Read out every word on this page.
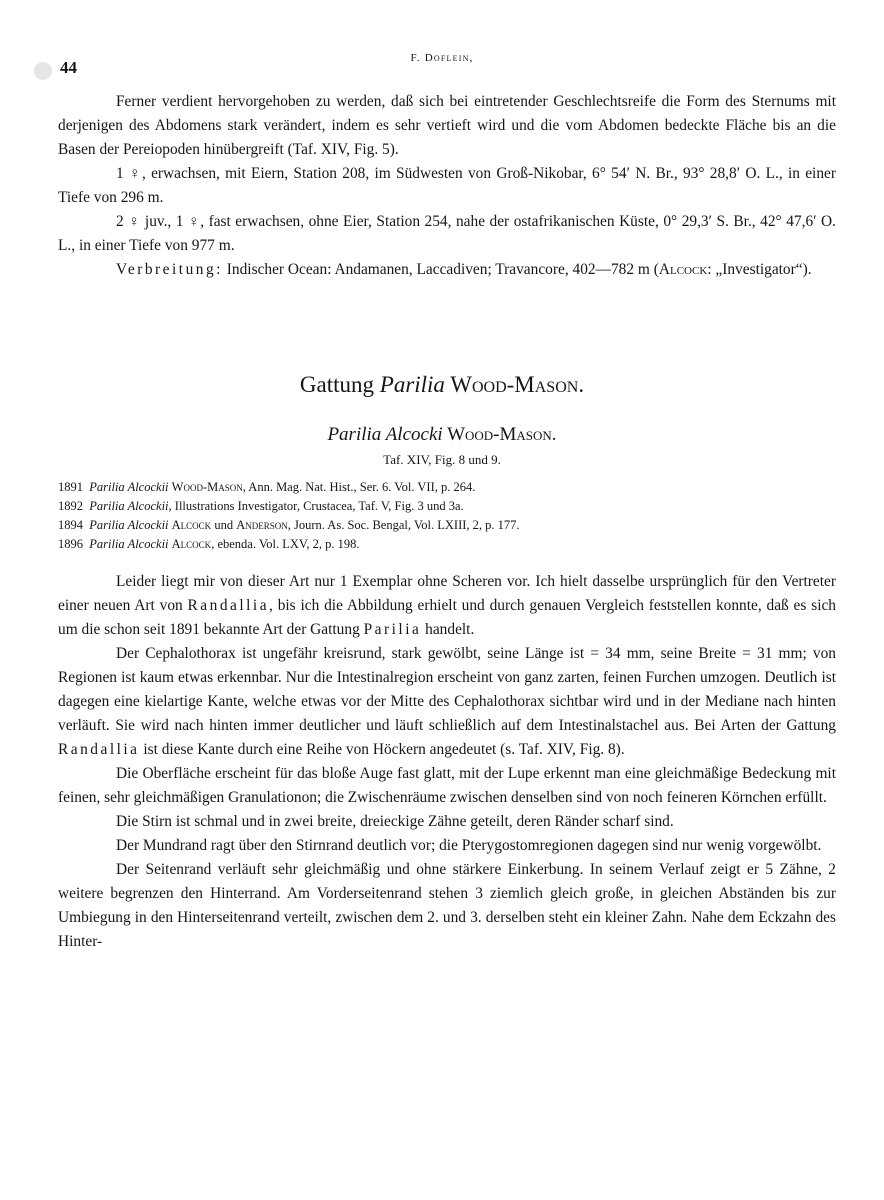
44	F. Doflein,

Ferner verdient hervorgehoben zu werden, daß sich bei eintretender Geschlechtsreife die Form des Sternums mit derjenigen des Abdomens stark verändert, indem es sehr vertieft wird und die vom Abdomen bedeckte Fläche bis an die Basen der Pereiopoden hinübergreift (Taf. XIV, Fig. 5).

1 ♀, erwachsen, mit Eiern, Station 208, im Südwesten von Groß-Nikobar, 6° 54′ N. Br., 93° 28,8′ O. L., in einer Tiefe von 296 m.

2 ♀ juv., 1 ♀, fast erwachsen, ohne Eier, Station 254, nahe der ostafrikanischen Küste, 0° 29,3′ S. Br., 42° 47,6′ O. L., in einer Tiefe von 977 m.

Verbreitung: Indischer Ocean: Andamanen, Laccadiven; Travancore, 402—782 m (Alcock: „Investigator“).

Gattung Parilia Wood-Mason.
Parilia Alcocki Wood-Mason.
Taf. XIV, Fig. 8 und 9.
1891 Parilia Alcockii Wood-Mason, Ann. Mag. Nat. Hist., Ser. 6. Vol. VII, p. 264.
1892 Parilia Alcockii, Illustrations Investigator, Crustacea, Taf. V, Fig. 3 und 3a.
1894 Parilia Alcockii Alcock und Anderson, Journ. As. Soc. Bengal, Vol. LXIII, 2, p. 177.
1896 Parilia Alcockii Alcock, ebenda. Vol. LXV, 2, p. 198.

Leider liegt mir von dieser Art nur 1 Exemplar ohne Scheren vor. Ich hielt dasselbe ursprünglich für den Vertreter einer neuen Art von Randallia, bis ich die Abbildung erhielt und durch genauen Vergleich feststellen konnte, daß es sich um die schon seit 1891 bekannte Art der Gattung Parilia handelt.

Der Cephalothorax ist ungefähr kreisrund, stark gewölbt, seine Länge ist = 34 mm, seine Breite = 31 mm; von Regionen ist kaum etwas erkennbar. Nur die Intestinalregion erscheint von ganz zarten, feinen Furchen umzogen. Deutlich ist dagegen eine kielartige Kante, welche etwas vor der Mitte des Cephalothorax sichtbar wird und in der Mediane nach hinten verläuft. Sie wird nach hinten immer deutlicher und läuft schließlich auf dem Intestinalstachel aus. Bei Arten der Gattung Randallia ist diese Kante durch eine Reihe von Höckern angedeutet (s. Taf. XIV, Fig. 8).

Die Oberfläche erscheint für das bloße Auge fast glatt, mit der Lupe erkennt man eine gleichmäßige Bedeckung mit feinen, sehr gleichmäßigen Granulationon; die Zwischenräume zwischen denselben sind von noch feineren Körnchen erfüllt.

Die Stirn ist schmal und in zwei breite, dreieckige Zähne geteilt, deren Ränder scharf sind.

Der Mundrand ragt über den Stirnrand deutlich vor; die Pterygostomregionen dagegen sind nur wenig vorgewölbt.

Der Seitenrand verläuft sehr gleichmäßig und ohne stärkere Einkerbung. In seinem Verlauf zeigt er 5 Zähne, 2 weitere begrenzen den Hinterrand. Am Vorderseitenrand stehen 3 ziemlich gleich große, in gleichen Abständen bis zur Umbiegung in den Hinterseitenrand verteilt, zwischen dem 2. und 3. derselben steht ein kleiner Zahn. Nahe dem Eckzahn des Hinter-
